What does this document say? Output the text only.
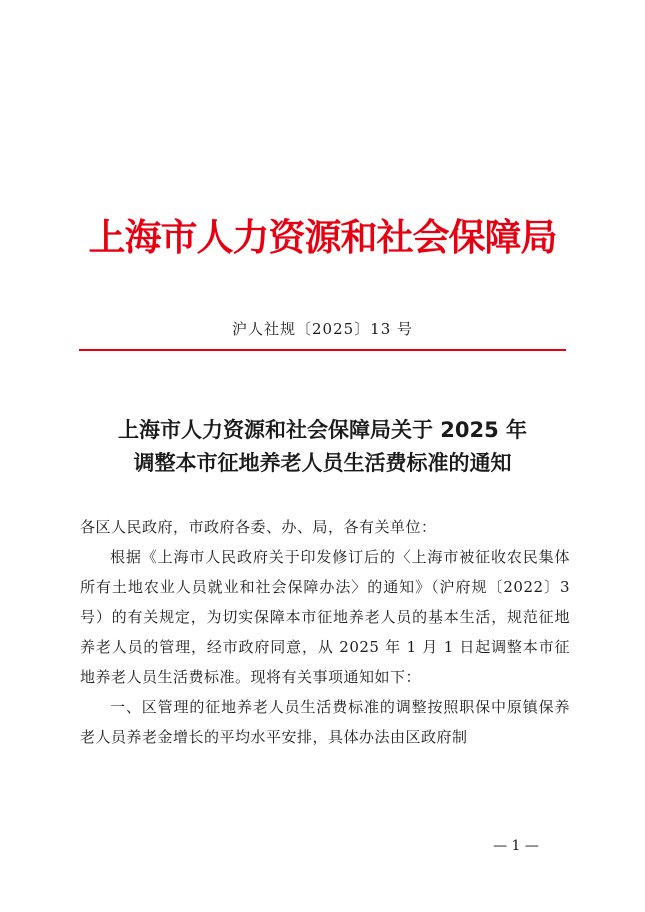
上海市人力资源和社会保障局
沪人社规〔2025〕13 号
上海市人力资源和社会保障局关于 2025 年
调整本市征地养老人员生活费标准的通知

各区人民政府，市政府各委、办、局，各有关单位：

根据《上海市人民政府关于印发修订后的〈上海市被征收农民集体所有土地农业人员就业和社会保障办法〉的通知》（沪府规〔2022〕3 号）的有关规定，为切实保障本市征地养老人员的基本生活，规范征地养老人员的管理，经市政府同意，从 2025 年 1 月 1 日起调整本市征地养老人员生活费标准。现将有关事项通知如下：

一、区管理的征地养老人员生活费标准的调整按照职保中原镇保养老人员养老金增长的平均水平安排，具体办法由区政府制

— 1 —
